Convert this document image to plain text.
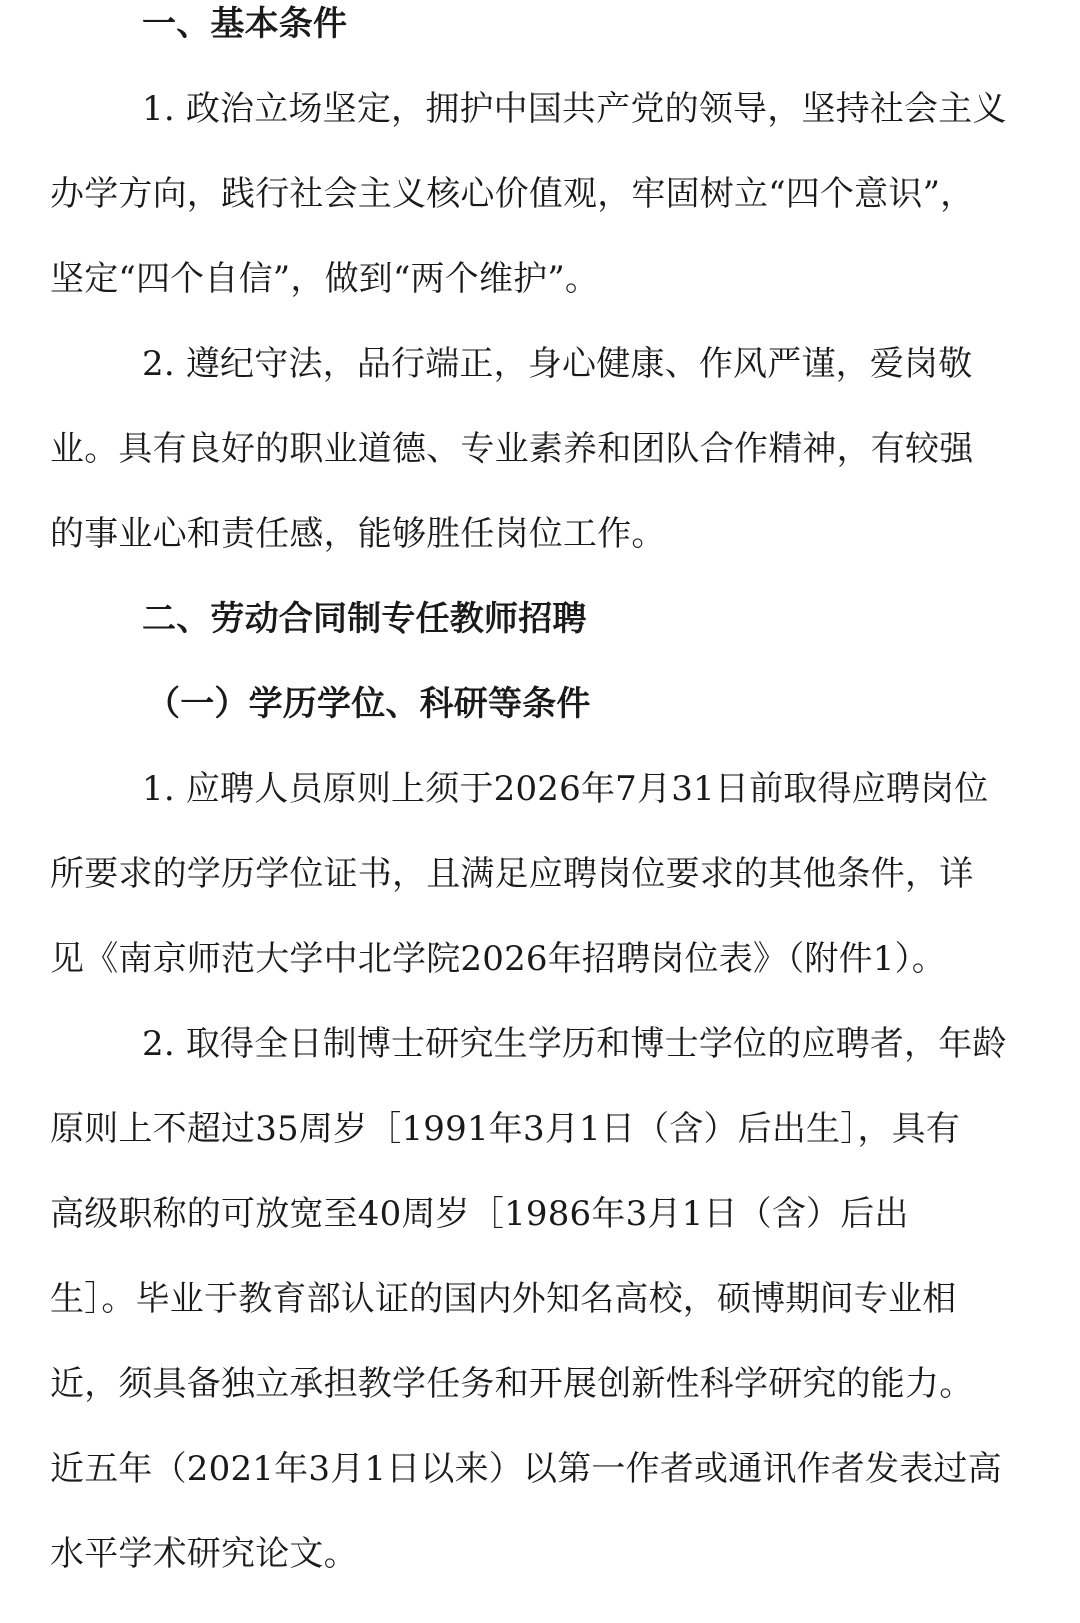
一、基本条件
1. 政治立场坚定，拥护中国共产党的领导，坚持社会主义
办学方向，践行社会主义核心价值观，牢固树立“四个意识”，
坚定“四个自信”，做到“两个维护”。
2. 遵纪守法，品行端正，身心健康、作风严谨，爱岗敬
业。具有良好的职业道德、专业素养和团队合作精神，有较强
的事业心和责任感，能够胜任岗位工作。
二、劳动合同制专任教师招聘
（一）学历学位、科研等条件
1. 应聘人员原则上须于2026年7月31日前取得应聘岗位
所要求的学历学位证书，且满足应聘岗位要求的其他条件，详
见《南京师范大学中北学院2026年招聘岗位表》（附件1）。
2. 取得全日制博士研究生学历和博士学位的应聘者，年龄
原则上不超过35周岁［1991年3月1日（含）后出生］，具有
高级职称的可放宽至40周岁［1986年3月1日（含）后出
生］。毕业于教育部认证的国内外知名高校，硕博期间专业相
近，须具备独立承担教学任务和开展创新性科学研究的能力。
近五年（2021年3月1日以来）以第一作者或通讯作者发表过高
水平学术研究论文。
